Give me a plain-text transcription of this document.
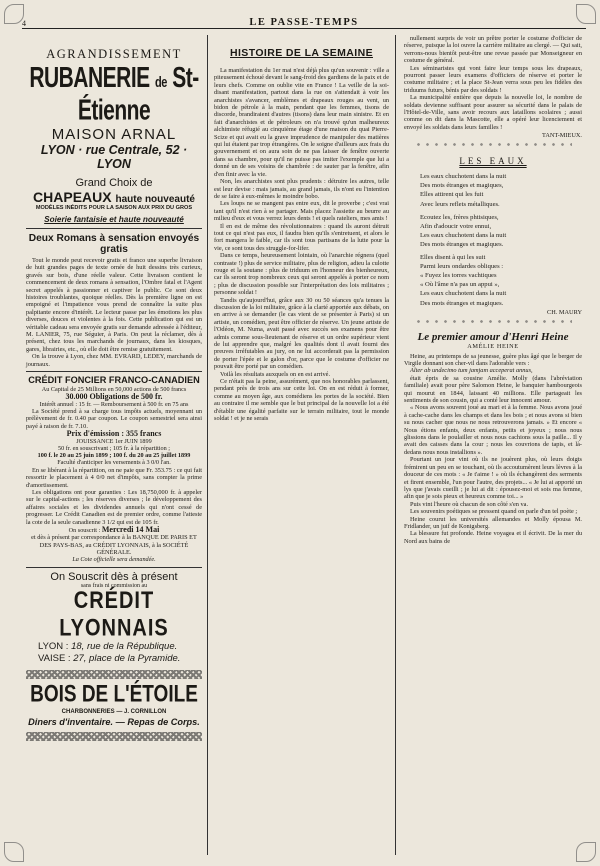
4	LE PASSE-TEMPS
AGRANDISSEMENT
RUBANERIE de St-Étienne
MAISON ARNAL
LYON · rue Centrale, 52 · LYON
Grand Choix de
CHAPEAUX haute nouveauté
MODÈLES INÉDITS POUR LA SAISON AUX PRIX DU GROS
Soierie fantaisie et haute nouveauté
Deux Romans à sensation envoyés gratis

Tout le monde peut recevoir gratis et franco une superbe livraison de huit grandes pages de texte ornée de huit dessins très curieux, gravés sur bois, d'une réelle valeur. Cette livraison contient le commencement de deux romans à sensation, l'Ombre fatal et l'Agent secret appelés à passionner et captiver le public. Ce sont deux histoires troublantes, quoique réelles. Dès la première ligne on est empoigné et l'impatience vous prend de connaître la suite plus palpitante encore d'intérêt. Le lecteur passe par les émotions les plus diverses, douces et violentes à la fois. Cette publication qui est un véritable cadeau sera envoyée gratis sur demande adressée à l'éditeur, M. LANIER, 75, rue Séguier, à Paris. On peut la réclamer, dès à présent, chez tous les marchands de journaux, dans les kiosques, gares, librairies, etc., où elle doit être remise gratuitement.

On la trouve à Lyon, chez MM. EVRARD, LEDEY, marchands de journaux.

CRÉDIT FONCIER FRANCO-CANADIEN
Au Capital de 25 Millions en 50,000 actions de 500 francs
30.000 Obligations de 500 fr.
Intérêt annuel : 15 fr. — Remboursement à 500 fr. en 75 ans

La Société prend à sa charge tous impôts actuels, moyennant un prélèvement de fr. 0.40 par coupon. Le coupon semestriel sera ainsi payé à raison de fr. 7.10.

Prix d'émission : 355 francs
JOUISSANCE 1er JUIN 1899
50 fr. en souscrivant ; 105 fr. à la répartition ;
100 f. le 20 au 25 juin 1899 ; 100 f. du 20 au 25 juillet 1899
Faculté d'anticiper les versements à 3 0/0 l'an.

En se libérant à la répartition, on ne paie que Fr. 353.75 : ce qui fait ressortir le placement à 4 0/0 net d'impôts, sans compter la prime d'amortissement.

Les obligations ont pour garanties : Les 18,750,000 fr. à appeler sur le capital-actions ; les réserves diverses ; le développement des affaires sociales et les dividendes annuels qui n'ont cessé de progresser. Le Crédit Canadien est de premier ordre, comme l'atteste la cote de la seule canadienne 3 1/2 qui est de 105 fr.

On souscrit : Mercredi 14 Mai

et dès à présent par correspondance à la BANQUE DE PARIS ET DES PAYS-BAS, au CRÉDIT LYONNAIS, à la SOCIÉTÉ GÉNÉRALE.

La Cote officielle sera demandée.
On Souscrit dès à présent
sans frais ni commission au
CRÉDIT LYONNAIS
LYON : 18, rue de la République.
VAISE : 27, place de la Pyramide.
BOIS DE L'ÉTOILE
CHARBONNERIES — J. CORNILLON
Diners d'inventaire. — Repas de Corps.
HISTOIRE DE LA SEMAINE

La manifestation du 1er mai n'est déjà plus qu'un souvenir : ville a piteusement échoué devant le sang-froid des gardiens de la paix et de leurs chefs. Comme on oublie vite en France ! La veille de la soi-disant manifestation, partout dans la rue on s'attendait à voir les anarchistes s'avancer, emblèmes et drapeaux rouges au vent, un bidon de pétrole à la main, pendant que les femmes, tisons de discorde, brandiraient d'autres (tisons) dans leur main sinistre. Et en fait d'anarchistes et de pétroleurs on n'a trouvé qu'un malheureux alchimiste réfugié au cinquième étage d'une maison du quai Pierre-Scize et qui avait eu la grave imprudence de manipuler des matières qui lui étaient par trop étrangères. On le soigne d'ailleurs aux frais du gouvernement et on aura soin de ne pas laisser de fenêtre ouverte dans sa chambre, pour qu'il ne puisse pas imiter l'exemple que lui a donné un de ses voisins de chambrée : de sauter par la fenêtre, afin d'en finir avec la vie.

Non, les anarchistes sont plus prudents : détruire les autres, telle est leur devise : mais jamais, au grand jamais, ils n'ont eu l'intention de se faire à eux-mêmes le moindre bobo.

Les loups ne se mangent pas entre eux, dit le proverbe ; c'est vrai tant qu'il n'est rien à se partager. Mais placez l'assiette au beurre au milieu d'eux et vous verrez leurs dents ! et quels rateliers, mes amis !

Il en est de même des révolutionnaires : quand ils auront détruit tout ce qui n'est pas eux, il faudra bien qu'ils s'entretuent, et alors le fort mangera le faible, car ils sont tous partisans de la lutte pour la vie, ce sont tous des struggle-for-lifer.

Dans ce temps, heureusement lointain, où l'anarchie régnera (quel contraste !) plus de service militaire, plus de religion, adieu la culotte rouge et la soutane : plus de triduum en l'honneur des bienheureux, car ils seront trop nombreux ceux qui seront appelés à porter ce nom ; plus de discussion possible sur l'interprétation des lois militaires ; personne soldat !

Tandis qu'aujourd'hui, grâce aux 30 ou 50 séances qu'a tenues la discussion de la loi militaire, grâce à la clarté apportée aux débats, on en arrive à se demander (le cas vient de se présenter à Paris) si un artiste, un comédien, peut être officier de réserve. Un jeune artiste de l'Odéon, M. Numa, avait passé avec succès ses examens pour être admis comme sous-lieutenant de réserve et un ordre supérieur vient de lui apprendre que, malgré les qualités dont il avait fourni des preuves irréfutables au jury, on ne lui accorderait pas la permission de porter l'épée et le galon d'or, parce que le costume d'officier ne pouvait être porté par un comédien.

Voilà les résultats auxquels on en est arrivé.

Ce n'était pas la peine, assurément, que nos honorables parlassent, pendant près de trois ans sur cette loi. On en est réduit à former, comme au moyen âge, aux comédiens les portes de la société. Bien au contraire il me semble que le but principal de la nouvelle loi a été d'établir une égalité parfaite sur le terrain militaire, tout le monde soldat ! et je ne serais

nullement surpris de voir un prêtre porter le costume d'officier de réserve, puisque la loi ouvre la carrière militaire au clergé. — Qui sait, verrons-nous bientôt peut-être une revue passée par Monseigneur en costume de général.

Les séminaristes qui vont faire leur temps sous les drapeaux, pourront passer leurs examens d'officiers de réserve et porter le costume militaire ; et la place St-Jean verra sous peu les fidèles des triduums futurs, bénis par des soldats !

La municipalité entière que depuis la nouvelle loi, le nombre de soldats devienne suffisant pour assurer sa sécurité dans le palais de l'Hôtel-de-Ville, sans avoir recours aux lataillons scolaires ; aussi comme on dit dans la Mascotte, elle a opéré leur licenciement et envoyé les soldats dans leurs familles !

TANT-MIEUX.
LES EAUX
Les eaux chuchotent dans la nuit
Des mots étranges et magiques,
Elles attirent qui les fuit
Avec leurs reflets métalliques.
Ecoutez les, frères phtisiques,
Afin d'adoucir votre ennui,
Les eaux chuchotent dans la nuit
Des mots étranges et magiques.
Elles disent à qui les suit
Parmi leurs ondardes obliques :
« Fuyez les torres vachtiques
« Où l'âme n'a pas un appui »,
Les eaux chuchotent dans la nuit
Des mots étranges et magiques.
CH. MAURY
Le premier amour d'Henri Heine
AMÉLIE HEINE

Heine, au printemps de sa jeunesse, guère plus âgé que le berger de Virgile donnant son cher-vil dans l'adorable vers :

Alter ab undecimo tum jamjam acceperat annus,

était épris de sa cousine Amélie. Molly (dans l'abréviation familiale) avait pour père Salomon Heine, le banquier hambourgeois qui mourut en 1844, laissant 40 millions. Elle partageait les sentiments de son cousin, qui a conté leur innocent amour.

« Nous avons souvent joué au mari et à la femme. Nous avons joué à cache-cache dans les champs et dans les bois ; et nous avons si bien su nous cacher que nous ne nous retrouverons jamais. » Et encore « Nous étions enfants, deux enfants, petits et joyeux ; nous nous glissions dans le poulailler et nous nous cachions sous la paille... Il y avait des caisses dans la cour ; nous les couvrions de tapis, et là-dedans nous nous installions ».

Pourtant un jour vint où ils ne jouèrent plus, où leurs doigts frémirent un peu en se touchant, où ils accoutumèrent leurs lèvres à la douceur de ces mots : « Je t'aime ! » où ils échangèrent des serments et firent ensemble, l'un pour l'autre, des projets... « Je lui ai apporté un lys que j'avais cueilli ; je lui ai dit : épousez-moi et sois ma femme, afin que je sois pieux et heureux comme toi... »

Puis vint l'heure où chacun de son côté s'en va.

Les souvenirs poétiques se pressent quand on parle d'un tel poète ;

Heine courut les universités allemandes et Molly épousa M. Fridlander, un juif de Konigsberg.

La blessure fut profonde. Heine voyagea et il écrivit. De la mer du Nord aux bains de
